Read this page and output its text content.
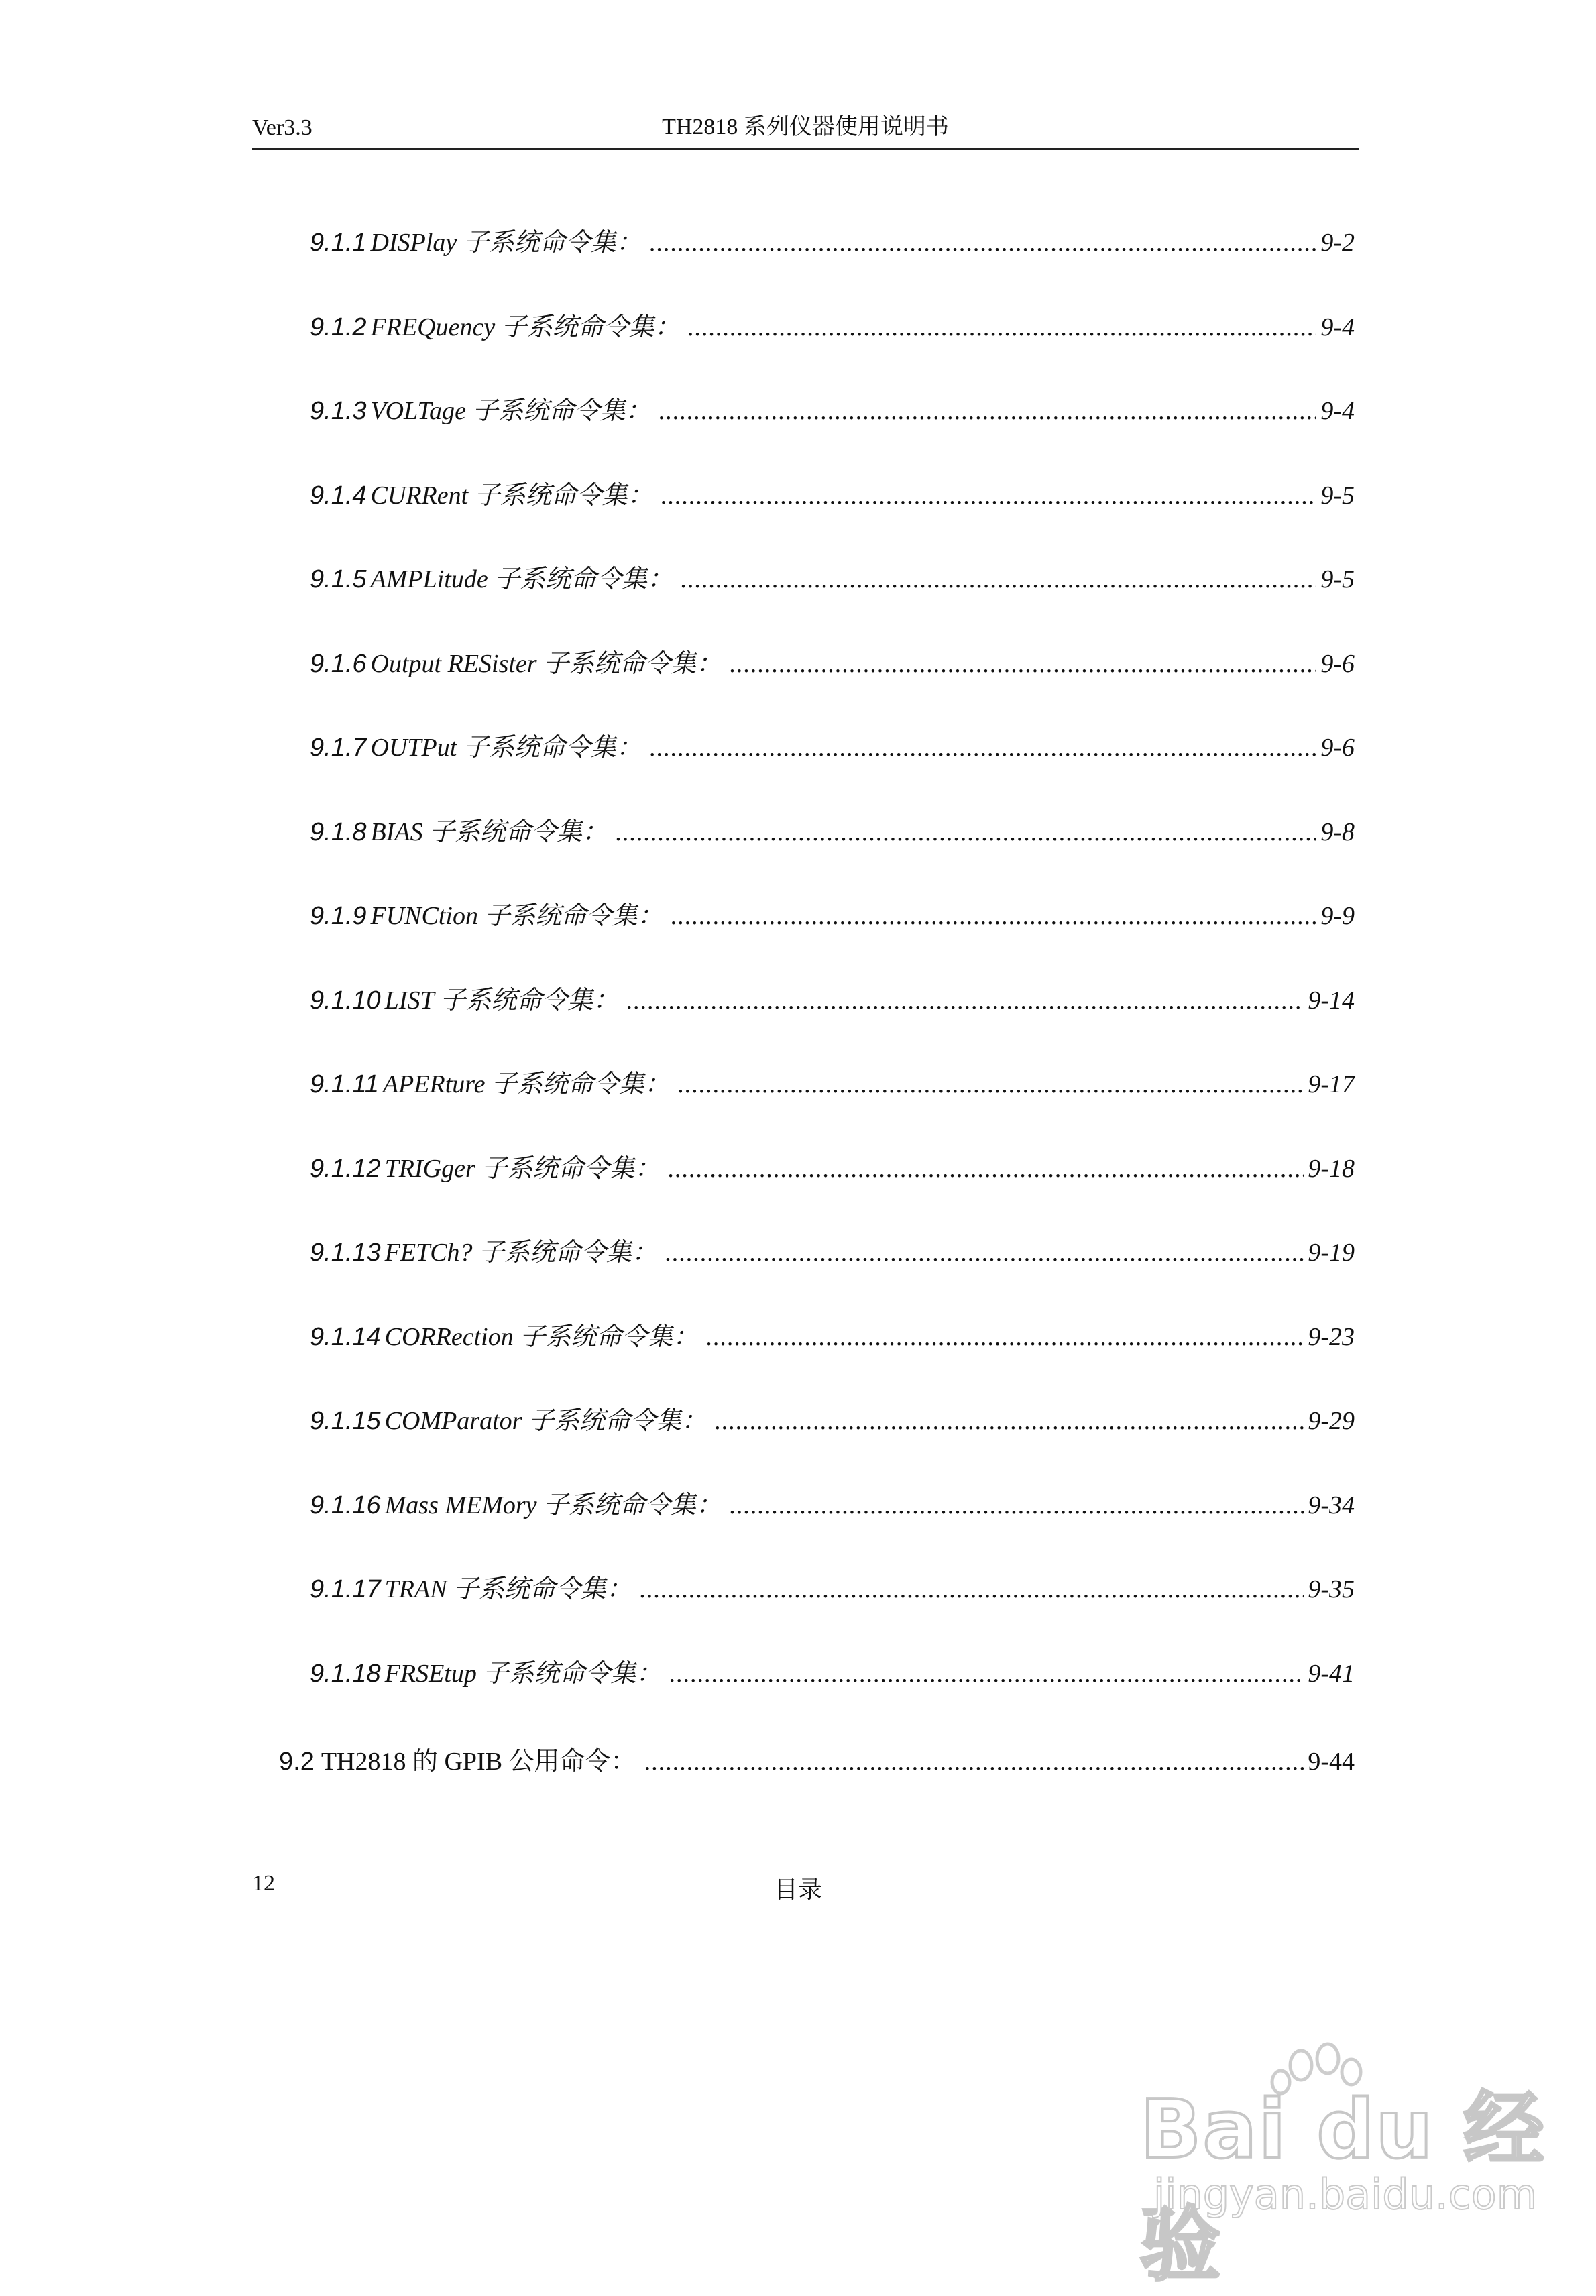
Ver3.3	TH2818 系列仪器使用说明书
9.1.1 DISPlay 子系统命令集： .....	9-2
9.1.2 FREQuency 子系统命令集： .....	9-4
9.1.3 VOLTage 子系统命令集： .....	9-4
9.1.4 CURRent 子系统命令集： .....	9-5
9.1.5 AMPLitude 子系统命令集： .....	9-5
9.1.6 Output RESister 子系统命令集： .....	9-6
9.1.7 OUTPut 子系统命令集： .....	9-6
9.1.8 BIAS 子系统命令集： .....	9-8
9.1.9 FUNCtion 子系统命令集： .....	9-9
9.1.10 LIST 子系统命令集： .....	9-14
9.1.11 APERture 子系统命令集： .....	9-17
9.1.12 TRIGger 子系统命令集： .....	9-18
9.1.13 FETCh? 子系统命令集： .....	9-19
9.1.14 CORRection 子系统命令集： .....	9-23
9.1.15 COMParator 子系统命令集： .....	9-29
9.1.16 Mass MEMory 子系统命令集： .....	9-34
9.1.17 TRAN 子系统命令集： .....	9-35
9.1.18 FRSEtup 子系统命令集： .....	9-41
9.2 TH2818 的 GPIB 公用命令： .....	9-44
12	目录
Bai du 经验
jingyan.baidu.com
